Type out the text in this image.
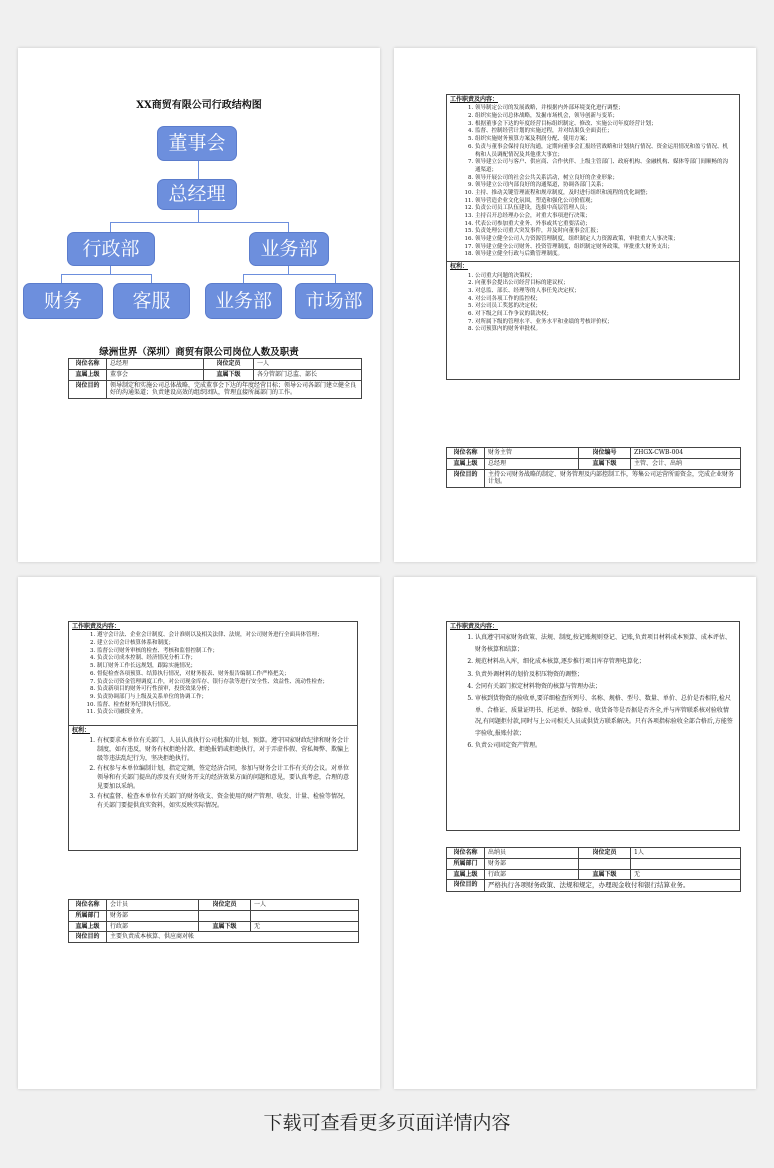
XX商贸有限公司行政结构图
董事会
总经理
行政部	业务部
财务	客服	业务部	市场部
绿洲世界（深圳）商贸有限公司岗位人数及职责
岗位名称	总经理	岗位定员	一人
直属上级	董事会	直属下级	各分管部门总监、部长
岗位目的	领导制定和实施公司总体战略，完成董事会下达的年度经营目标；领导公司各部门建立健全良好的沟通渠道；负责建设高效的组织团队，管理直接所属部门的工作。		
工作职责及内容：
1. 领导制定公司的发展战略，并根据内外部环境变化进行调整；
2. 组织实施公司总体战略，发掘市场机会，领导创新与变革；
3. 根据董事会下达的年度经营目标组织制定、修改、实施公司年度经营计划；
4. 监督、控制经营计划的实施过程，并对结果负全面责任；
5. 组织实施财务预算方案及利润分配、使用方案；
6. 负责与董事会保持良好沟通，定期向董事会汇报经营战略和计划执行情况、资金运用情况和盈亏情况、机构和人员调配情况及其他重大事宜；
7. 领导建立公司与客户、供应商、合作伙伴、上级主管部门、政府机构、金融机构、媒体等部门间顺畅的沟通渠道；
8. 领导开展公司的社会公共关系活动，树立良好的企业形象；
9. 领导建立公司内部良好的沟通渠道，协调各部门关系；
10. 主持、推动关键管理流程和规章制度，及时进行组织和流程的优化调整；
11. 领导营造企业文化氛围，塑造和强化公司价值观；
12. 负责公司员工队伍建设，选拔中高层管理人员；
13. 主持召开总经理办公会，对重大事项进行决策；
14. 代表公司参加重大业务、外事或其它重要活动；
15. 负责处理公司重大突发事件，并及时向董事会汇报；
16. 领导建立健全公司人力资源管理制度，组织制定人力资源政策，审批重大人事决策；
17. 领导建立健全公司财务、投资管理制度，组织制定财务政策，审批重大财务支出；
18. 领导建立健全行政与后勤管理制度。
权利：
1. 公司重大问题的决策权；
2. 向董事会提出公司经营目标的建议权；
3. 对总监、部长、经理等的人事任免决定权；
4. 对公司各项工作的监控权；
5. 对公司员工奖惩的决定权；
6. 对下级之间工作争议的裁决权；
7. 对所属下级的管理水平、业务水平和业绩的考核评价权；
8. 公司预算内的财务审批权。
岗位名称	财务主管	岗位编号	ZHGX-CWB-004
直属上级	总经理	直属下级	主管、会计、出纳
岗位目的	主持公司财务战略的制定、财务管理及内部控制工作，筹集公司运营所需资金，完成企业财务计划。		
工作职责及内容：
1. 遵守会计法、企业会计制度、会计准则以及相关法律、法规，对公司财务进行全面具体管理；
2. 建立公司会计核算体系和制度；
3. 监督公司财务审核的检查、考核和监督控制工作；
4. 负责公司成本控制、经济情况分析工作；
5. 制订财务工作长远规划，跟踪实施情况；
6. 督促检查各项预算、结算执行情况，对财务报表、财务报告编制工作严格把关；
7. 负责公司资金管理调度工作，对公司现金库存、银行存款等进行安全性、效益性、流动性检查；
8. 负责新项目的财务可行性预审，投资效果分析；
9. 负责协调部门与上级及关系单位的协调工作；
10. 监督、检查财务纪律执行情况。
11. 负责公司融资业务。
权利：
1. 有权要求本单位有关部门、人员认真执行公司批准的计划、预算。遵守国家财政纪律和财务会计制度，如有违反，财务有权拒绝付款、拒绝报销或拒绝执行，对于弄虚作假、营私舞弊、欺骗上级等违法乱纪行为，坚决拒绝执行。
2. 有权参与本单位编制计划，指定定额，签定经济合同，参加与财务会计工作有关的会议。对单位领导和有关部门提出的涉及有关财务开支的经济效果方面的问题和意见，要认真考虑，合理的意见要加以采纳。
3. 有权监督、检查本单位有关部门的财务收支、资金使用的财产管理、收发、计量、检验等情况，有关部门要提供真实资料，如实反映实际情况。
岗位名称	会计员	岗位定员	一人
所属部门	财务部		
直属上级	行政部	直属下级	无
岗位目的	主要负责成本核算、供应商对帐		
工作职责及内容：
1. 认真遵守国家财务政策、法规、制度,按记账规则登记、记账,负责项目材料成本预算、成本评估、财务核算和结算；
2. 规范材料出入库，细化成本核算,逐步推行项目库存管理电算化；
3. 负责外调材料的划价及积压物资的调整；
4. 会同有关部门拟定材料物资的核算与管理办法；
5. 审核到货物资的验收单,要详细检查所列号、名称、规格、型号、数量、单价、总价是否相符,检尺单、合格证、质量证明书、托运单、保险单、收货备等是否据是否齐全,并与库管联系核对验收情况,有问题拒付款,同时与上公司相关人员或供货方联系解决。只有各项指标验收全部合格后,方能签字验收,报账付款；
6. 负责公司固定资产管理。
岗位名称	出纳员	岗位定员	1人
所属部门	财务部		
直属上级	行政部	直属下级	无
岗位目的	严格执行各项财务政策、法规和规定，办理现金收付和银行结算业务。		
下载可查看更多页面详情内容
